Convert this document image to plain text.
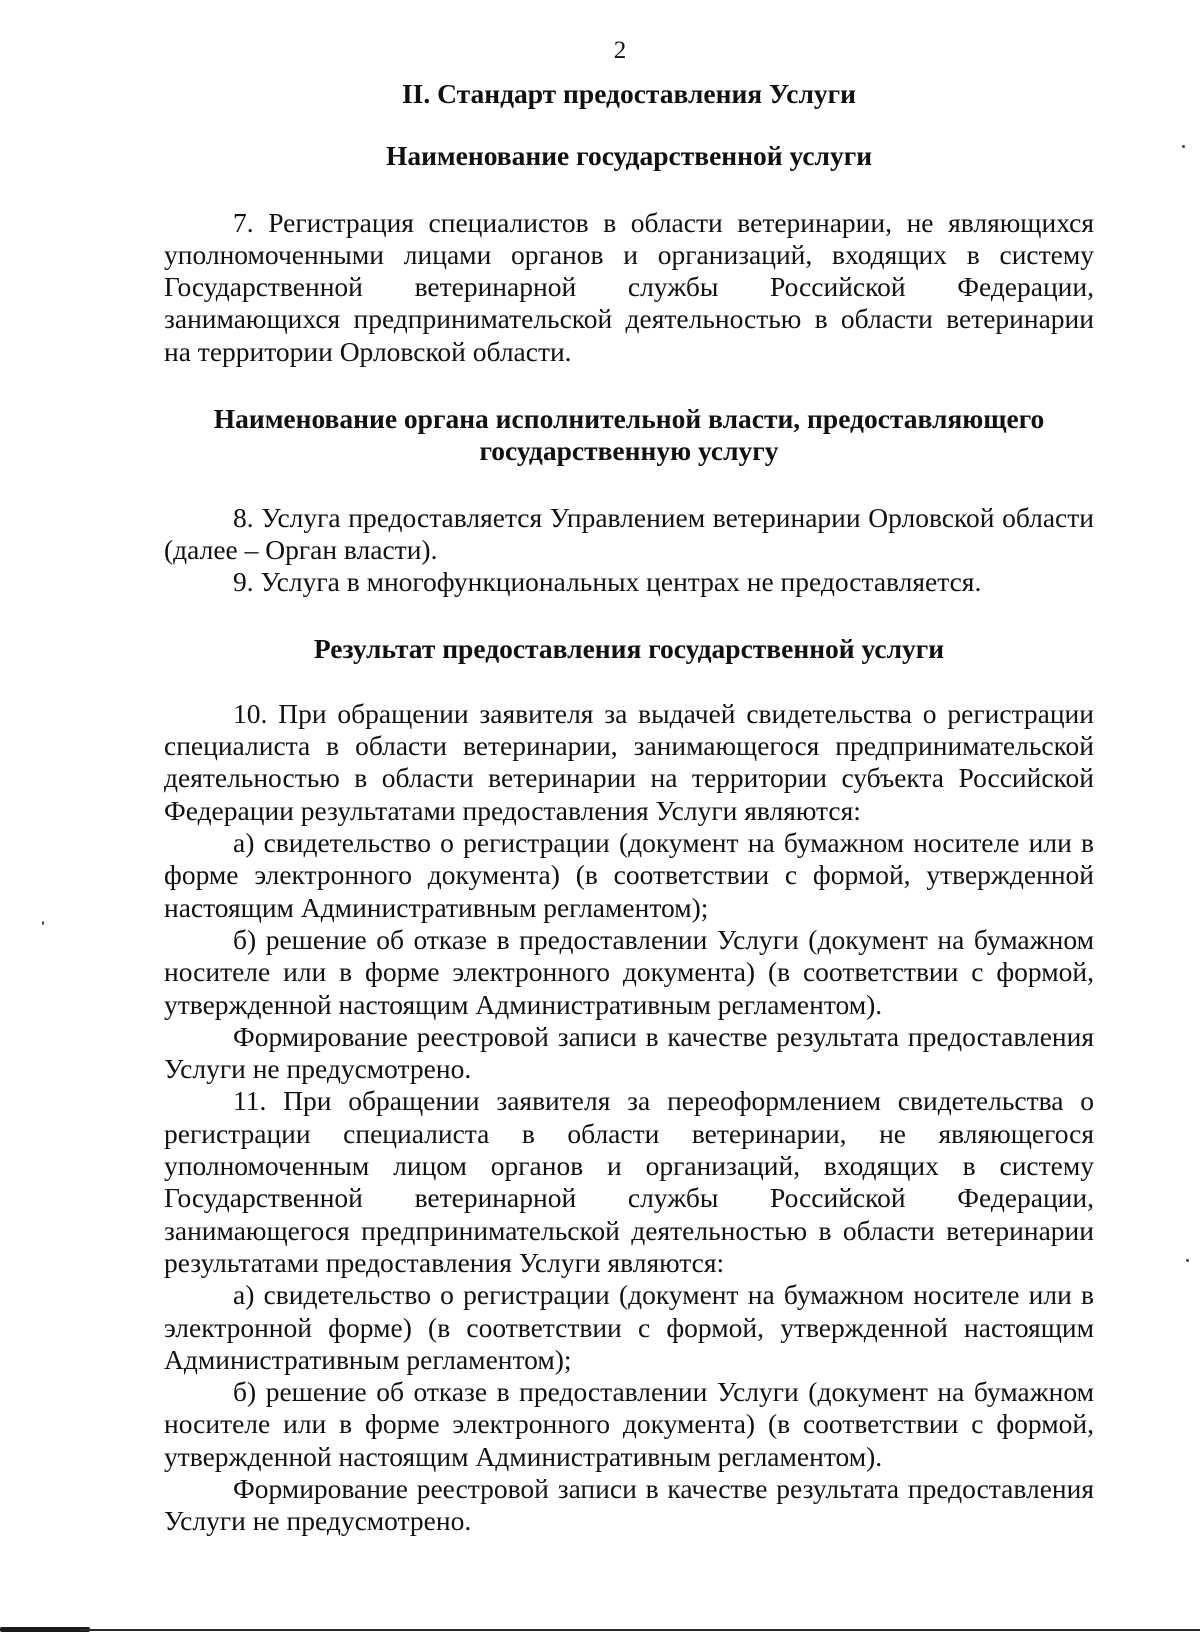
2

II. Стандарт предоставления Услуги

Наименование государственной услуги

7. Регистрация специалистов в области ветеринарии, не являющихся уполномоченными лицами органов и организаций, входящих в систему Государственной ветеринарной службы Российской Федерации, занимающихся предпринимательской деятельностью в области ветеринарии на территории Орловской области.

Наименование органа исполнительной власти, предоставляющего государственную услугу

8. Услуга предоставляется Управлением ветеринарии Орловской области (далее – Орган власти).

9. Услуга в многофункциональных центрах не предоставляется.

Результат предоставления государственной услуги

10. При обращении заявителя за выдачей свидетельства о регистрации специалиста в области ветеринарии, занимающегося предпринимательской деятельностью в области ветеринарии на территории субъекта Российской Федерации результатами предоставления Услуги являются:

а) свидетельство о регистрации (документ на бумажном носителе или в форме электронного документа) (в соответствии с формой, утвержденной настоящим Административным регламентом);

б) решение об отказе в предоставлении Услуги (документ на бумажном носителе или в форме электронного документа) (в соответствии с формой, утвержденной настоящим Административным регламентом).

Формирование реестровой записи в качестве результата предоставления Услуги не предусмотрено.

11. При обращении заявителя за переоформлением свидетельства о регистрации специалиста в области ветеринарии, не являющегося уполномоченным лицом органов и организаций, входящих в систему Государственной ветеринарной службы Российской Федерации, занимающегося предпринимательской деятельностью в области ветеринарии результатами предоставления Услуги являются:

а) свидетельство о регистрации (документ на бумажном носителе или в электронной форме) (в соответствии с формой, утвержденной настоящим Административным регламентом);

б) решение об отказе в предоставлении Услуги (документ на бумажном носителе или в форме электронного документа) (в соответствии с формой, утвержденной настоящим Административным регламентом).

Формирование реестровой записи в качестве результата предоставления Услуги не предусмотрено.
